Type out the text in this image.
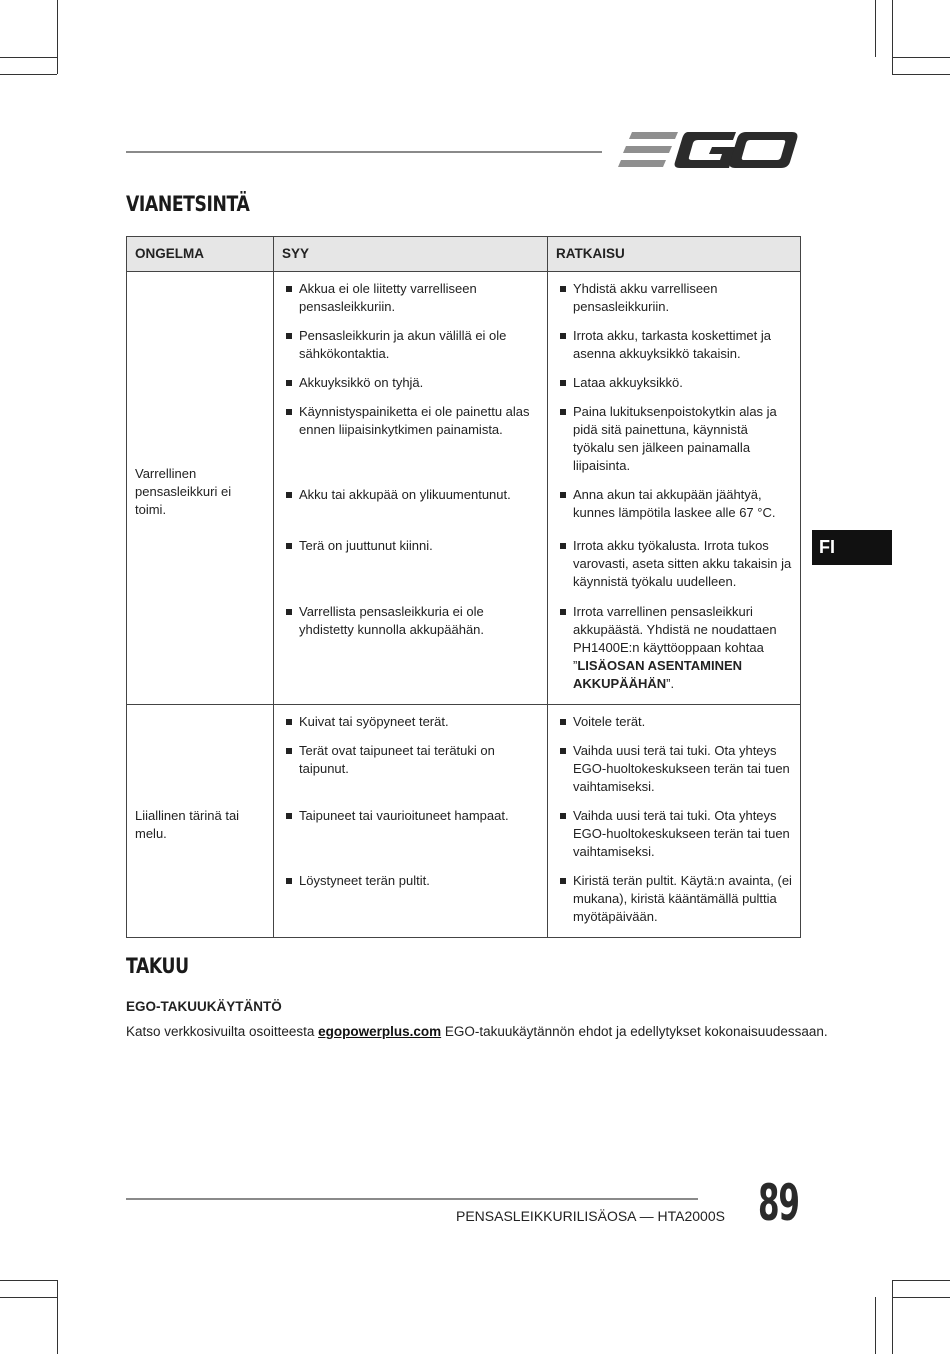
VIANETSINTÄ
ONGELMA	SYY	RATKAISU
Varrellinen pensasleikkuri ei toimi.	Akkua ei ole liitetty varrelliseen pensasleikkuriin.	Yhdistä akku varrelliseen pensasleikkuriin.

	Pensasleikkurin ja akun välillä ei ole sähkökontaktia.	Irrota akku, tarkasta koskettimet ja asenna akkuyksikkö takaisin.

	Akkuyksikkö on tyhjä.	Lataa akkuyksikkö.

	Käynnistyspainiketta ei ole painettu alas ennen liipaisinkytkimen painamista.	Paina lukituksenpoistokytkin alas ja pidä sitä painettuna, käynnistä työkalu sen jälkeen painamalla liipaisinta.

	Akku tai akkupää on ylikuumentunut.	Anna akun tai akkupään jäähtyä, kunnes lämpötila laskee alle 67 °C.

	Terä on juuttunut kiinni.	Irrota akku työkalusta. Irrota tukos varovasti, aseta sitten akku takaisin ja käynnistä työkalu uudelleen.

	Varrellista pensasleikkuria ei ole yhdistetty kunnolla akkupäähän.	Irrota varrellinen pensasleikkuri akkupäästä. Yhdistä ne noudattaen PH1400E:n käyttöoppaan kohtaa ”LISÄOSAN ASENTAMINEN AKKUPÄÄHÄN”.

Liiallinen tärinä tai melu.	Kuivat tai syöpyneet terät.	Voitele terät.

	Terät ovat taipuneet tai terätuki on taipunut.	Vaihda uusi terä tai tuki. Ota yhteys EGO-huoltokeskukseen terän tai tuen vaihtamiseksi.

	Taipuneet tai vaurioituneet hampaat.	Vaihda uusi terä tai tuki. Ota yhteys EGO-huoltokeskukseen terän tai tuen vaihtamiseksi.

	Löystyneet terän pultit.	Kiristä terän pultit. Käytä:n avainta, (ei mukana), kiristä kääntämällä pulttia myötäpäivään.
FI
TAKUU
EGO-TAKUUKÄYTÄNTÖ
Katso verkkosivuilta osoitteesta egopowerplus.com EGO-takuukäytännön ehdot ja edellytykset kokonaisuudessaan.
PENSASLEIKKURILISÄOSA — HTA2000S 89
